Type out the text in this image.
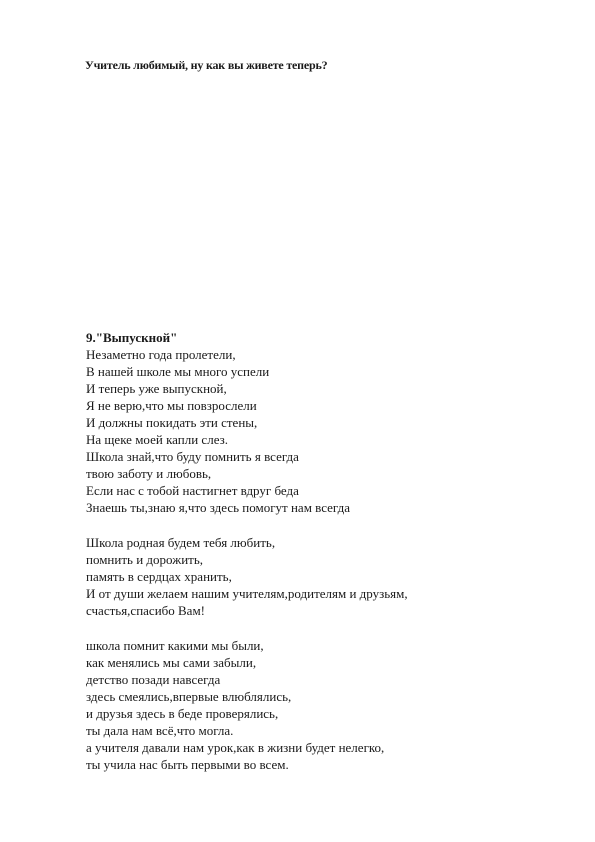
Учитель любимый, ну как вы живете теперь?
9."Выпускной"
Незаметно года пролетели,
В нашей школе мы много успели
И теперь уже выпускной,
Я не верю,что мы повзрослели
И должны покидать эти стены,
На щеке моей капли слез.
Школа знай,что буду помнить я всегда
твою заботу и любовь,
Если нас с тобой настигнет вдруг беда
Знаешь ты,знаю я,что здесь помогут нам всегда
Школа родная будем тебя любить,
помнить и дорожить,
память в сердцах хранить,
И от души желаем нашим учителям,родителям и друзьям,
счастья,спасибо Вам!
школа помнит какими мы были,
как менялись мы сами забыли,
детство позади навсегда
здесь смеялись,впервые влюблялись,
и друзья здесь в беде проверялись,
ты дала нам всё,что могла.
а учителя давали нам урок,как в жизни будет нелегко,
ты учила нас быть первыми во всем.
